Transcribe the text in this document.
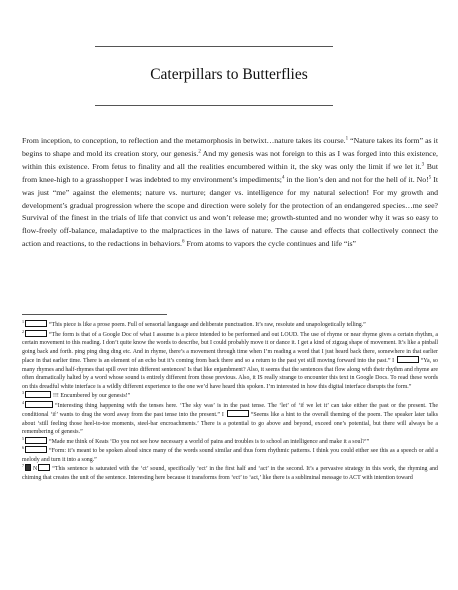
Caterpillars to Butterflies
From inception, to conception, to reflection and the metamorphosis in betwixt…nature takes its course.$^1$ “Nature takes its form” as it begins to shape and mold its creation story, our genesis.$^2$ And my genesis was not foreign to this as I was forged into this existence, within this existence. From fetus to finality and all the realities encumbered within it, the sky was only the limit if we let it.$^3$ But from knee-high to a grasshopper I was indebted to my environment’s impediments;$^4$ in the lion’s den and not for the hell of it. No!$^5$ It was just “me” against the elements; nature vs. nurture; danger vs. intelligence for my natural selection! For my growth and development’s gradual progression where the scope and direction were solely for the protection of an endangered species…me see? Survival of the finest in the trials of life that convict us and won’t release me; growth-stunted and no wonder why it was so easy to flow-freely off-balance, maladaptive to the malpractices in the laws of nature. The cause and effects that collectively connect the action and reactions, to the redactions in behaviors.$^6$ From atoms to vapors the cycle continues and life “is”

$^1$“This piece is like a prose poem. Full of sensorial language and deliberate punctuation. It’s raw, resolute and unapologetically telling.”

$^2$“The form is that of a Google Doc of what I assume is a piece intended to be performed and out LOUD. The use of rhyme or near rhyme gives a certain rhythm, a certain movement to this reading. I don’t quite know the words to describe, but I could probably move it or dance it. I get a kind of zigzag shape of movement. It’s like a pinball going back and forth. ping ping ding ding etc. And in rhyme, there’s a movement through time when I’m reading a word that I just heard back there, somewhere in that earlier place in that earlier time. There is an element of an echo but it’s coming from back there and so a return to the past yet still moving forward into the past.” I	“Ya, so many rhymes and half-rhymes that spill over into different sentences! Is that like enjambment? Also, it seems that the sentences that flow along with their rhythm and rhyme are often dramatically halted by a word whose sound is entirely different from those previous. Also, it IS really strange to encounter this text in Google Docs. To read these words on this dreadful white interface is a wildly different experience to the one we’d have heard this spoken. I’m interested in how this digital interface disrupts the form.”

$^3$!!! Encumbered by our genesis!”

$^4$“Interesting thing happening with the tenses here. ‘The sky was’ is in the past tense. The ‘let’ of ‘if we let it’ can take either the past or the present. The conditional ‘if’ wants to drag the word away from the past tense into the present.” I	“Seems like a hint to the overall theming of the poem. The speaker later talks about ‘still feeling those heel-to-toe moments, steel-bar encroachments.’ There is a potential to go above and beyond, exceed one’s potential, but there will always be a remembering of genesis.”

$^5$“Made me think of Keats ‘Do you not see how necessary a world of pains and troubles is to school an intelligence and make it a soul?’”

$^6$“Form: it’s meant to be spoken aloud since many of the words sound similar and thus form rhythmic patterns. I think you could either see this as a speech or add a melody and turn it into a song.”

$^7$N	“This sentence is saturated with the ‘ct’ sound, specifically ‘ect’ in the first half and ‘act’ in the second. It’s a pervasive strategy in this work, the rhyming and chiming that creates the unit of the sentence. Interesting here because it transforms from ‘ect’ to ‘act,’ like there is a subliminal message to ACT with intention toward
